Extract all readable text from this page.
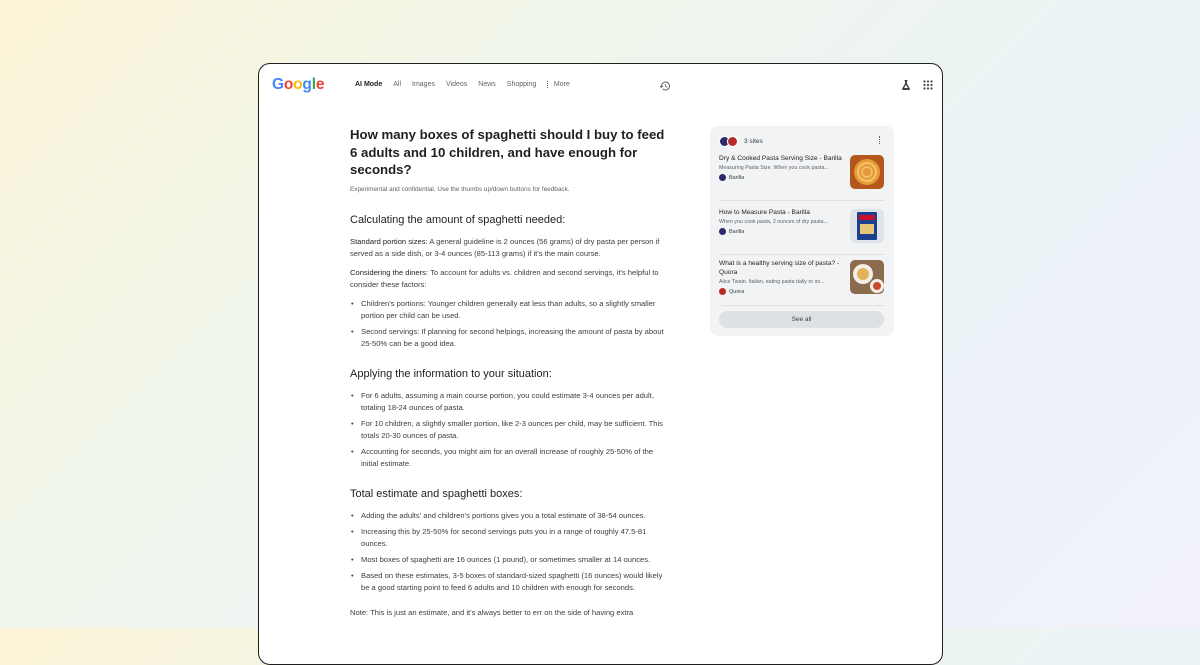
Google	AI Mode All Images Videos News Shopping	More
How many boxes of spaghetti should I buy to feed 6 adults and 10 children, and have enough for seconds?
Experimental and confidential. Use the thumbs up/down buttons for feedback.
Calculating the amount of spaghetti needed:

Standard portion sizes: A general guideline is 2 ounces (56 grams) of dry pasta per person if served as a side dish, or 3-4 ounces (85-113 grams) if it's the main course.

Considering the diners: To account for adults vs. children and second servings, it's helpful to consider these factors:

• Children's portions: Younger children generally eat less than adults, so a slightly smaller portion per child can be used.
• Second servings: If planning for second helpings, increasing the amount of pasta by about 25-50% can be a good idea.
Applying the information to your situation:
• For 6 adults, assuming a main course portion, you could estimate 3-4 ounces per adult, totaling 18-24 ounces of pasta.
• For 10 children, a slightly smaller portion, like 2-3 ounces per child, may be sufficient. This totals 20-30 ounces of pasta.
• Accounting for seconds, you might aim for an overall increase of roughly 25-50% of the initial estimate.
Total estimate and spaghetti boxes:
• Adding the adults' and children's portions gives you a total estimate of 38-54 ounces.
• Increasing this by 25-50% for second servings puts you in a range of roughly 47.5-81 ounces.
• Most boxes of spaghetti are 16 ounces (1 pound), or sometimes smaller at 14 ounces.
• Based on these estimates, 3-5 boxes of standard-sized spaghetti (16 ounces) would likely be a good starting point to feed 6 adults and 10 children with enough for seconds.

Note: This is just an estimate, and it's always better to err on the side of having extra

3 sites
Dry & Cooked Pasta Serving Size - Barilla
Measuring Pasta Size. When you cook pasta...
Barilla
How to Measure Pasta - Barilla
When you cook pasta, 2 ounces of dry pasta...
Barilla
What is a healthy serving size of pasta? - Quora
Alice Twain. Italian, eating pasta daily or so...
Quora
See all
